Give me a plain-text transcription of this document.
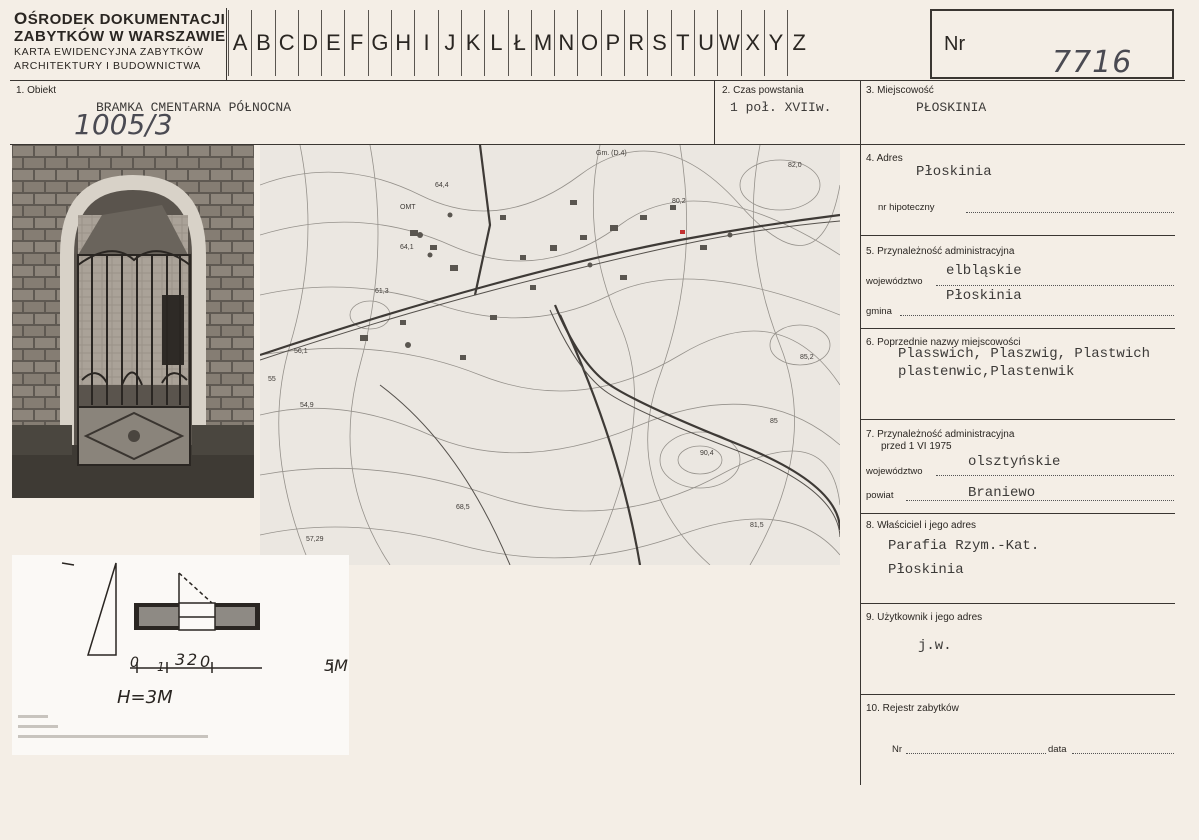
OŚRODEK DOKUMENTACJI
ZABYTKÓW W WARSZAWIE
KARTA EWIDENCYJNA ZABYTKÓW
ARCHITEKTURY I BUDOWNICTWA
A B C D E F G H I J K L Ł M N O P R S T U W X Y Z	Nr
7716
1. Obiekt
BRAMKA CMENTARNA PÓŁNOCNA
1005/3
2. Czas powstania
1 poł. XVIIw.
3. Miejscowość
PŁOSKINIA
4. Adres
Płoskinia
nr hipoteczny
5. Przynależność administracyjna
województwo
elbląskie
gmina
Płoskinia
6. Poprzednie nazwy miejscowości
Plasswich, Plaszwig, Plastwich
plastenwic,Plastenwik
7. Przynależność administracyjna
przed 1 VI 1975
województwo
olsztyńskie
powiat	Braniewo
8. Właściciel i jego adres
Parafia Rzym.-Kat.
Płoskinia
9. Użytkownik i jego adres
j.w.
10. Rejestr zabytków
Nr	data
Gm. (D.4)
82,0
80,2
64,4
OMT
64,1
61,3
56,1
55
54,9
57,29
68,5
85,2
85
90,4
81,5
0 1 3 2 0	5M
H=3M
